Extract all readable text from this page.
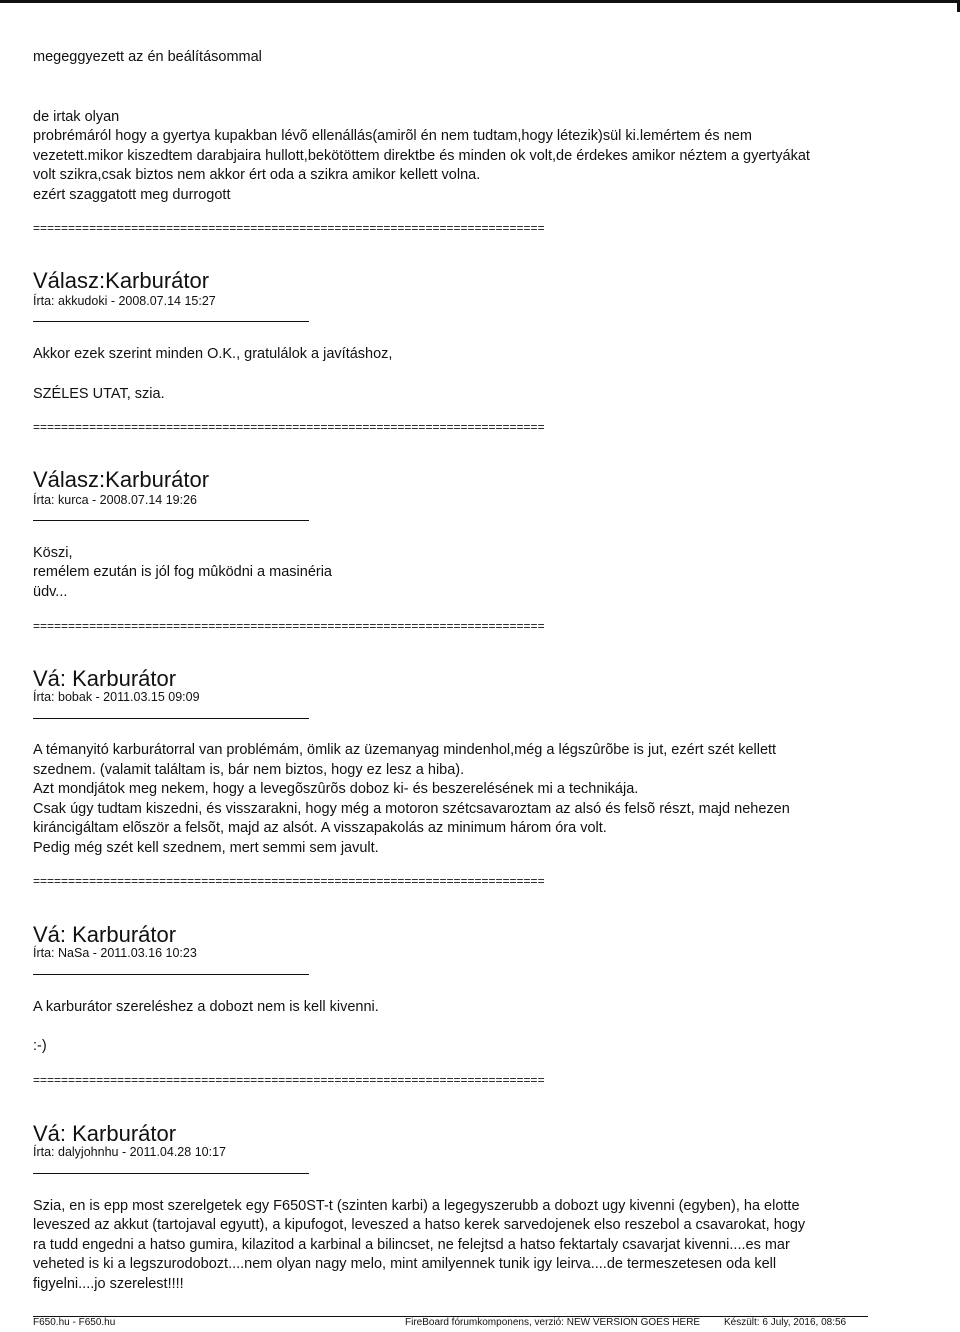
megeggyezett az én beálításommal
de irtak olyan
probrémáról hogy a gyertya kupakban lévõ ellenállás(amirõl én nem tudtam,hogy létezik)sül ki.lemértem és nem
vezetett.mikor kiszedtem darabjaira hullott,bekötöttem direktbe és minden ok volt,de érdekes amikor néztem a gyertyákat
volt szikra,csak biztos nem akkor ért oda a szikra amikor kellett volna.
ezért szaggatott meg durrogott
=========================================================================
Válasz:Karburátor
Írta: akkudoki - 2008.07.14 15:27
Akkor ezek szerint minden O.K., gratulálok a javításhoz,
SZÉLES UTAT, szia.
=========================================================================
Válasz:Karburátor
Írta: kurca - 2008.07.14 19:26
Köszi,
remélem ezután is jól fog mûködni a masinéria
üdv...
=========================================================================
Vá: Karburátor
Írta: bobak - 2011.03.15 09:09
A témanyitó karburátorral van problémám, ömlik az üzemanyag mindenhol,még a légszûrõbe is jut, ezért szét kellett
szednem. (valamit találtam is, bár nem biztos, hogy ez lesz a hiba).
Azt mondjátok meg nekem, hogy a levegõszûrõs doboz ki- és beszerelésének mi a technikája.
Csak úgy tudtam kiszedni, és visszarakni, hogy még a motoron szétcsavaroztam az alsó és felsõ részt, majd nehezen
kiráncigáltam elõször a felsõt, majd az alsót. A visszapakolás az minimum három óra volt.
Pedig még szét kell szednem, mert semmi sem javult.
=========================================================================
Vá: Karburátor
Írta: NaSa - 2011.03.16 10:23
A karburátor szereléshez a dobozt nem is kell kivenni.
:-)
=========================================================================
Vá: Karburátor
Írta: dalyjohnhu - 2011.04.28 10:17
Szia, en is epp most szerelgetek egy F650ST-t (szinten karbi) a legegyszerubb a dobozt ugy kivenni (egyben), ha elotte
leveszed az akkut (tartojaval egyutt), a kipufogot, leveszed a hatso kerek sarvedojenek elso reszebol a csavarokat, hogy
ra tudd engedni a hatso gumira, kilazitod a karbinal a bilincset, ne felejtsd a hatso fektartaly csavarjat kivenni....es mar
veheted is ki a legszurodobozt....nem olyan nagy melo, mint amilyennek tunik igy leirva....de termeszetesen oda kell
figyelni....jo szerelest!!!!
F650.hu - F650.hu	FireBoard fórumkomponens, verzió: NEW VERSION GOES HERE Készült: 6 July, 2016, 08:56
